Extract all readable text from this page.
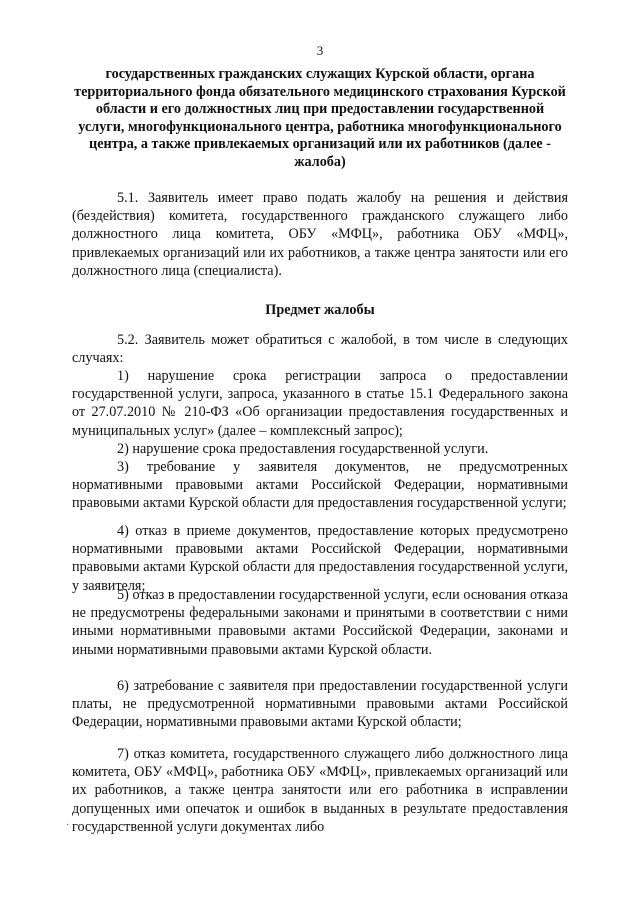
3
государственных гражданских служащих Курской области, органа территориального фонда обязательного медицинского страхования Курской области и его должностных лиц при предоставлении государственной услуги, многофункционального центра, работника многофункционального центра, а также привлекаемых организаций или их работников (далее - жалоба)

5.1. Заявитель имеет право подать жалобу на решения и действия (бездействия) комитета, государственного гражданского служащего либо должностного лица комитета, ОБУ «МФЦ», работника ОБУ «МФЦ», привлекаемых организаций или их работников, а также центра занятости или его должностного лица (специалиста).

Предмет жалобы

5.2. Заявитель может обратиться с жалобой, в том числе в следующих случаях:

1) нарушение срока регистрации запроса о предоставлении государственной услуги, запроса, указанного в статье 15.1 Федерального закона от 27.07.2010 № 210-ФЗ «Об организации предоставления государственных и муниципальных услуг» (далее – комплексный запрос);

2) нарушение срока предоставления государственной услуги.

3) требование у заявителя документов, не предусмотренных нормативными правовыми актами Российской Федерации, нормативными правовыми актами Курской области для предоставления государственной услуги;

4) отказ в приеме документов, предоставление которых предусмотрено нормативными правовыми актами Российской Федерации, нормативными правовыми актами Курской области для предоставления государственной услуги, у заявителя;

5) отказ в предоставлении государственной услуги, если основания отказа не предусмотрены федеральными законами и принятыми в соответствии с ними иными нормативными правовыми актами Российской Федерации, законами и иными нормативными правовыми актами Курской области.

6) затребование с заявителя при предоставлении государственной услуги платы, не предусмотренной нормативными правовыми актами Российской Федерации, нормативными правовыми актами Курской области;

7) отказ комитета, государственного служащего либо должностного лица комитета, ОБУ «МФЦ», работника ОБУ «МФЦ», привлекаемых организаций или их работников, а также центра занятости или его работника в исправлении допущенных ими опечаток и ошибок в выданных в результате предоставления государственной услуги документах либо

·
